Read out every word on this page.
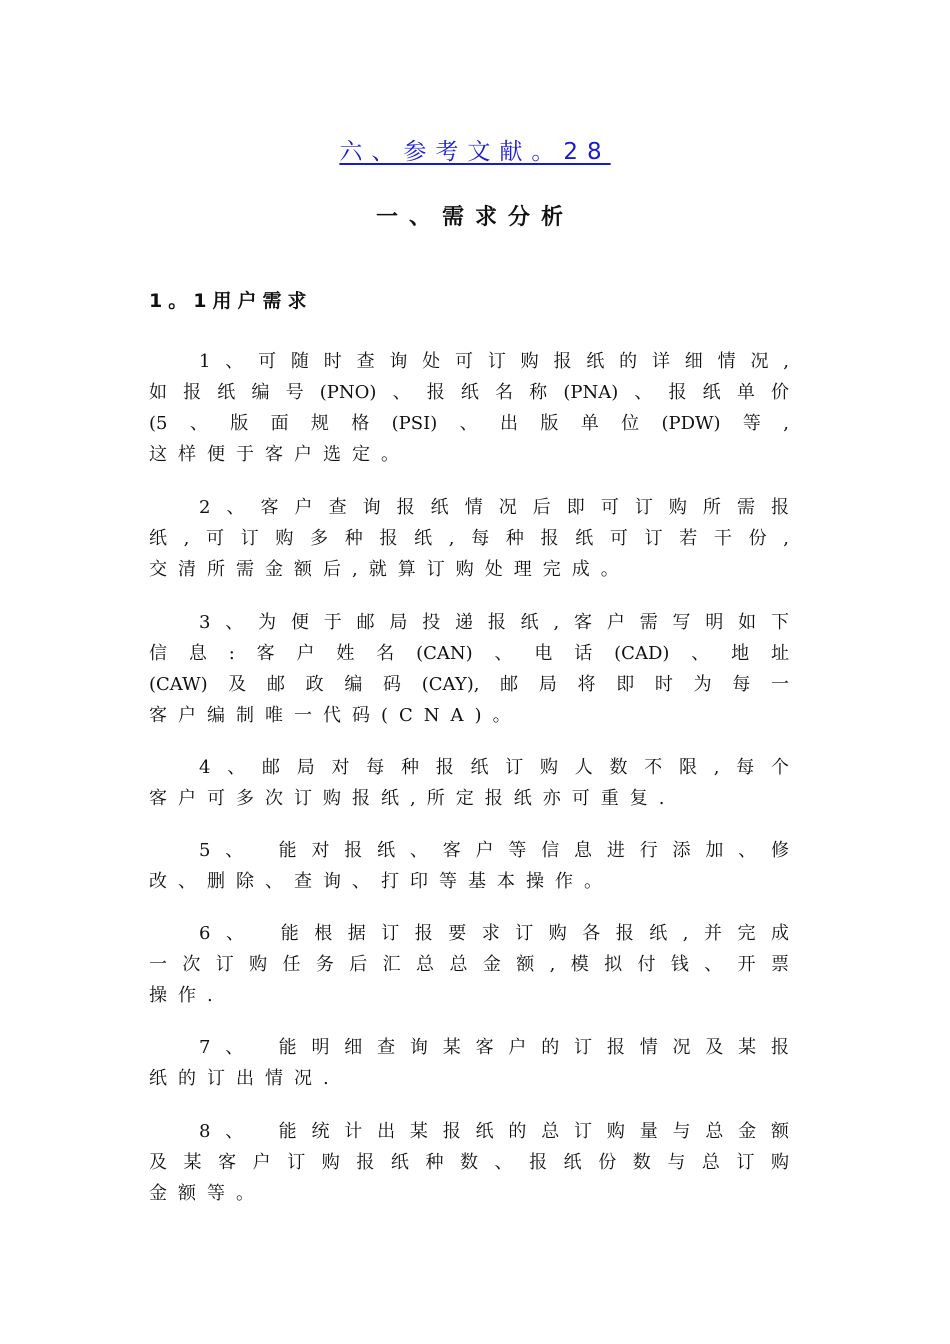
六、参考文献。28
一、需求分析
1。1用户需求
1、可随时查询处可订购报纸的详细情况,
如报纸编号(PNO)、报纸名称(PNA)、报纸单价
(5、版面规格(PSI)、出版单位(PDW)等,
这样便于客户选定。
2、客户查询报纸情况后即可订购所需报
纸,可订购多种报纸,每种报纸可订若干份,
交清所需金额后,就算订购处理完成。
3、为便于邮局投递报纸,客户需写明如下
信息:客户姓名(CAN)、电话(CAD)、地址
(CAW)及邮政编码(CAY),邮局将即时为每一
客户编制唯一代码(CNA)。
4、邮局对每种报纸订购人数不限,每个
客户可多次订购报纸,所定报纸亦可重复.
5、 能对报纸、客户等信息进行添加、修
改、删除、查询、打印等基本操作。
6、 能根据订报要求订购各报纸,并完成
一次订购任务后汇总总金额,模拟付钱、开票
操作.
7、 能明细查询某客户的订报情况及某报
纸的订出情况.
8、 能统计出某报纸的总订购量与总金额
及某客户订购报纸种数、报纸份数与总订购
金额等。
